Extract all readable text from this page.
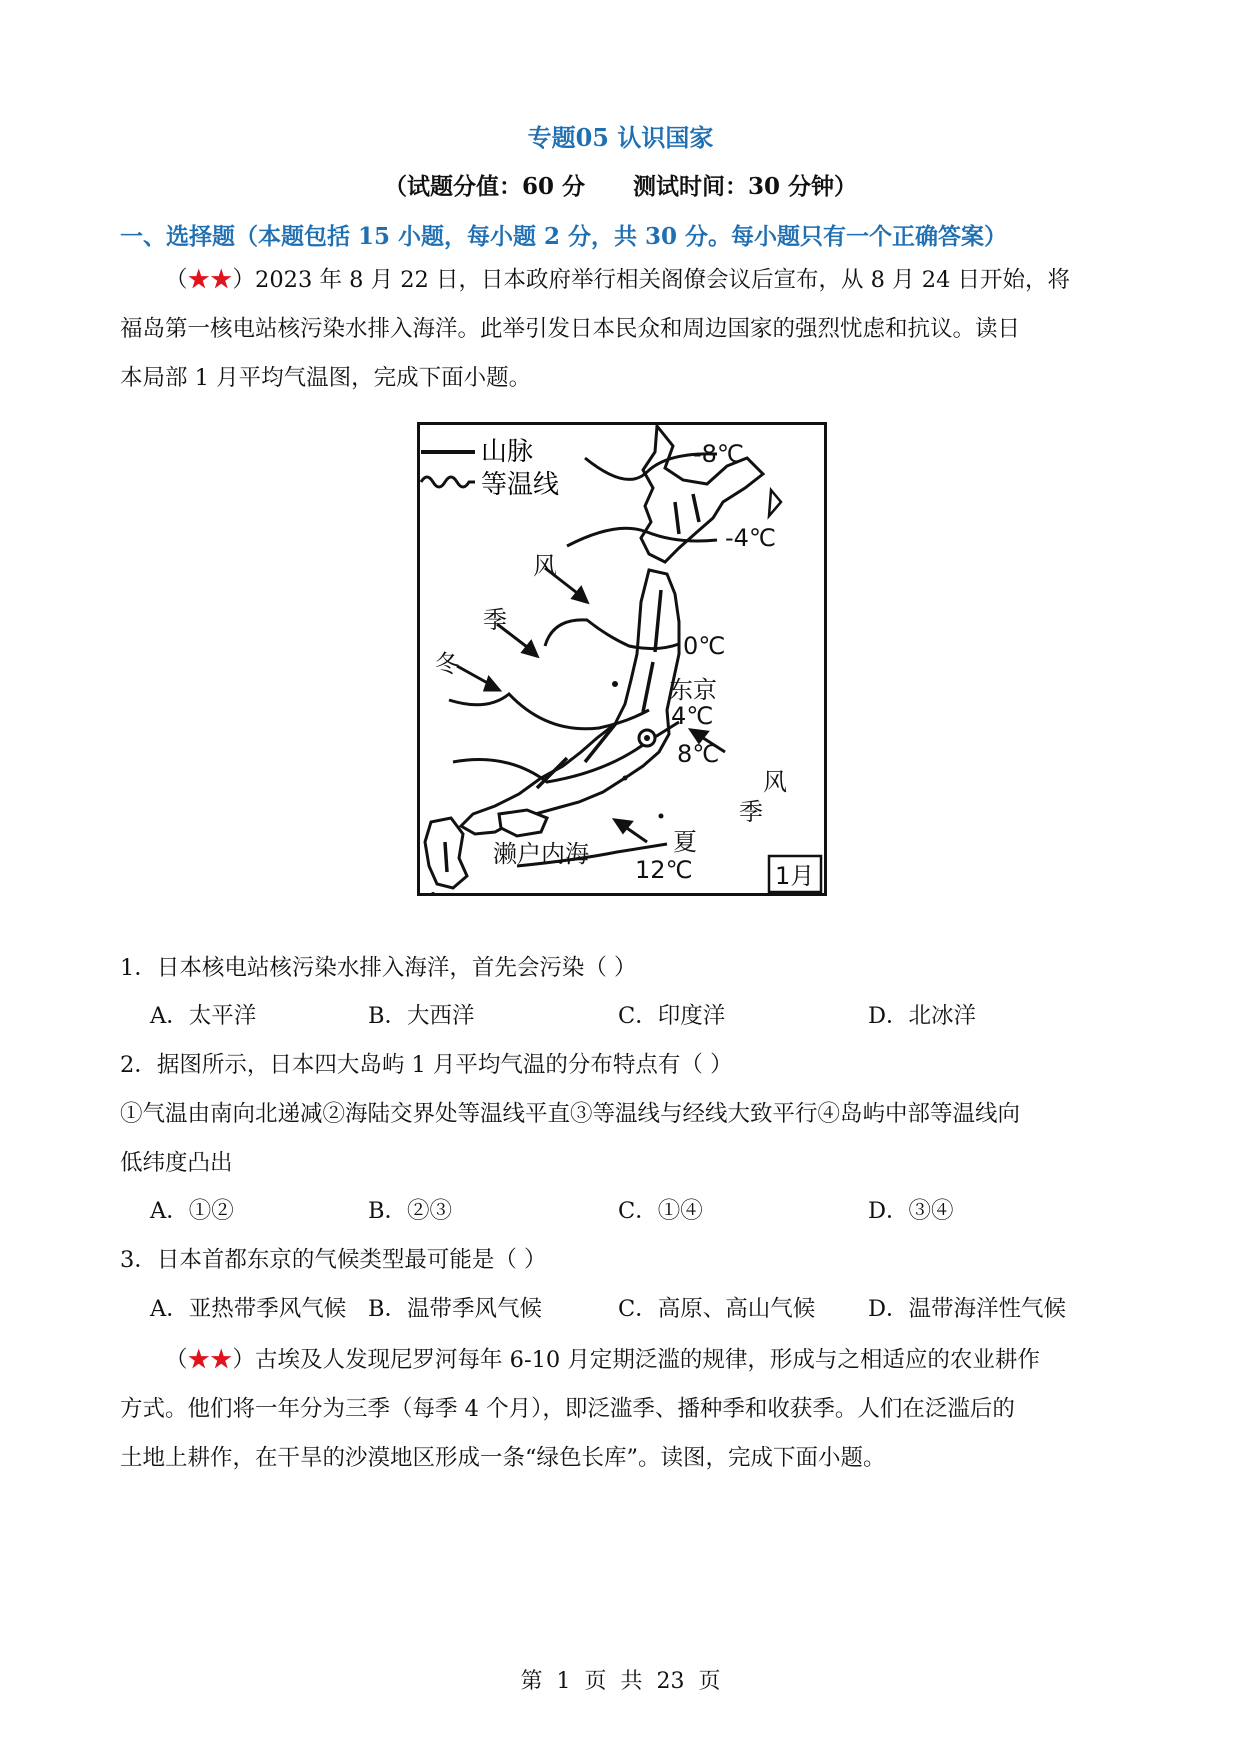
专题05 认识国家
（试题分值：60 分      测试时间：30 分钟）
一、选择题（本题包括 15 小题，每小题 2 分，共 30 分。每小题只有一个正确答案）

（★★）2023 年 8 月 22 日，日本政府举行相关阁僚会议后宣布，从 8 月 24 日开始，将

福岛第一核电站核污染水排入海洋。此举引发日本民众和周边国家的强烈忧虑和抗议。读日

本局部 1 月平均气温图，完成下面小题。

山脉
等温线
-8℃
-4℃
0℃
4℃
8℃
12℃
风
季
冬
风
季
夏
东京
濑户内海
1月
1．日本核电站核污染水排入海洋，首先会污染（ ）
A．太平洋	B．大西洋	C．印度洋	D．北冰洋
2．据图所示，日本四大岛屿 1 月平均气温的分布特点有（ ）
①气温由南向北递减②海陆交界处等温线平直③等温线与经线大致平行④岛屿中部等温线向
低纬度凸出
A．①②	B．②③	C．①④	D．③④
3．日本首都东京的气候类型最可能是（ ）
A．亚热带季风气候 B．温带季风气候	C．高原、高山气候 D．温带海洋性气候

（★★）古埃及人发现尼罗河每年 6-10 月定期泛滥的规律，形成与之相适应的农业耕作

方式。他们将一年分为三季（每季 4 个月），即泛滥季、播种季和收获季。人们在泛滥后的

土地上耕作，在干旱的沙漠地区形成一条“绿色长库”。读图，完成下面小题。

第  1  页  共  23  页
